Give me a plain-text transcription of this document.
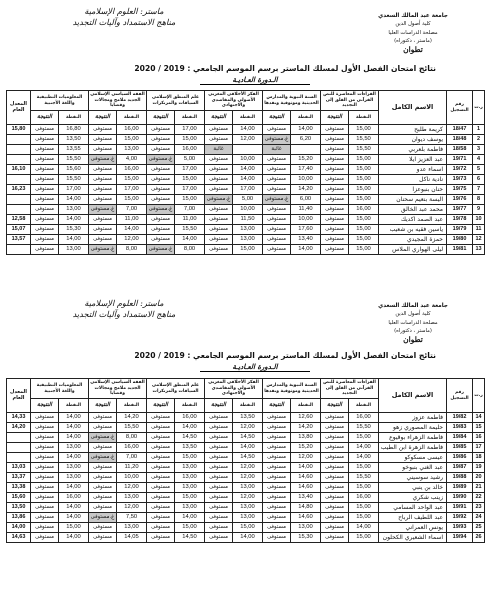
جامعة عبد المالك السعدي
كلية أصول الدين
مصلحة الدراسات العليا
(ماستر ، دكتوراه)
تطوان
ماستر: العلوم الإسلامية
مناهج الاستمداد وآليات التجديد
نتائج امتحان الفصل الأول لمسلك الماستر برسم الموسم الجامعي : 2019 / 2020
الـدورة العـاديـة
ر.ت	رقم التسجيل	الاسم الكامل	القراءات المعاصرة للنص القرآني من القلق إلى التجديد		السنة النبوية والمدارس الحديثية وموثوقية ونقدها		الفكر الأخلاقي المغربي الأصولي والمقاصدي والاجتهادي		علم المنطق الإسلامي السياقات والمرتكزات		الفقه السياسي الإسلامي الجديد ملامح ومجالات وقضايا		المعلوميات التطبيقية واللغة الأجنبية		المعدل العام	
			النقطة	النتيجة	النقطة	النتيجة	النقطة	النتيجة	النقطة	النتيجة	النقطة	النتيجة	النقطة	النتيجة		
1	18/47	كريمة طليح	15,00	مستوفى	14,00	مستوفى	14,00	مستوفى	17,00	مستوفى	16,00	مستوفى	16,80	مستوفى	15,80	
2	18/48	يوسف ديوان	15,50	مستوفى	6,20	غ.مستوفى	12,00	مستوفى	15,00	مستوفى	15,00	مستوفى	13,50	مستوفى		
3	18/58	فاطمة بلعربي	15,50	مستوفى		غائبة		غائبة	16,00	مستوفى	13,00	مستوفى	13,55	مستوفى		
4	19/71	عبد العزيز ايلا	15,00	مستوفى	15,20	مستوفى	10,00	مستوفى	5,00	غ.مستوفى	4,00	غ.مستوفى	15,50	مستوفى		
5	19/72	اسماء عدو	15,00	مستوفى	17,40	مستوفى	14,00	مستوفى	17,00	مستوفى	16,00	مستوفى	15,60	مستوفى	16,10	
6	19/73	نادية ناكل	15,00	مستوفى	10,00	مستوفى	14,00	مستوفى	15,00	مستوفى	15,00	مستوفى	15,50	مستوفى		
7	19/75	حنان بنبوعزا	15,00	مستوفى	14,20	مستوفى	17,00	مستوفى	17,00	مستوفى	17,00	مستوفى	17,00	مستوفى	16,23	
8	19/76	اليسة بنعيم سحنان	15,00	مستوفى	6,00	غ.مستوفى	5,00	غ.مستوفى	15,00	مستوفى	15,00	مستوفى	14,00	مستوفى		
9	19/77	محمد عبد الخالق	16,00	مستوفى	11,40	مستوفى	10,00	مستوفى	7,00	غ.مستوفى	7,00	غ.مستوفى	13,00	مستوفى		
10	19/78	عبد الصمد اكديك	15,00	مستوفى	10,00	مستوفى	11,50	مستوفى	11,00	مستوفى	11,00	مستوفى	14,00	مستوفى	12,58	
11	19/79	ياسين فقيه بن شعيب	15,00	مستوفى	17,60	مستوفى	13,00	مستوفى	15,50	مستوفى	14,00	مستوفى	15,30	مستوفى	15,07	
12	19/80	حمزة المجيدي	15,00	مستوفى	13,40	مستوفى	13,00	مستوفى	14,00	مستوفى	12,00	مستوفى	14,00	مستوفى	13,57	
13	19/81	ليلى الهواري الملاس	15,00	مستوفى	14,00	مستوفى	15,00	مستوفى	8,00	غ.مستوفى	8,00	غ.مستوفى	13,00	مستوفى		
جامعة عبد المالك السعدي
كلية أصول الدين
مصلحة الدراسات العليا
(ماستر ، دكتوراه)
تطوان
ماستر: العلوم الإسلامية
مناهج الاستمداد وآليات التجديد
نتائج امتحان الفصل الأول لمسلك الماستر برسم الموسم الجامعي : 2019 / 2020
الـدورة العـاديـة
ر.ت	رقم التسجيل	الاسم الكامل	القراءات المعاصرة للنص القرآني من القلق إلى التجديد		السنة النبوية والمدارس الحديثية وموثوقية ونقدها		الفكر الأخلاقي المغربي الأصولي والمقاصدي والاجتهادي		علم المنطق الإسلامي السياقات والمرتكزات		الفقه السياسي الإسلامي الجديد ملامح ومجالات وقضايا		المعلوميات التطبيقية واللغة الأجنبية		المعدل العام	
			النقطة	النتيجة	النقطة	النتيجة	النقطة	النتيجة	النقطة	النتيجة	النقطة	النتيجة	النقطة	النتيجة		
14	19/82	فاطمة عزوز	16,00	مستوفى	12,60	مستوفى	13,50	مستوفى	16,00	مستوفى	14,20	مستوفى	14,00	مستوفى	14,33	
15	19/83	حليمة المصوري زهو	15,50	مستوفى	14,20	مستوفى	12,00	مستوفى	14,00	مستوفى	15,50	مستوفى	14,00	مستوفى	14,20	
16	19/84	فاطمة الزهراء بوقيوع	15,00	مستوفى	13,80	مستوفى	14,50	مستوفى	14,50	مستوفى	8,00	غ.مستوفى	14,00	مستوفى		
17	19/85	فاطمة الزهرة ابن الطيب	14,00	مستوفى	15,20	مستوفى	14,00	مستوفى	13,50	مستوفى	16,00	مستوفى	13,00	مستوفى		
18	19/86	عيسى مسكوكو	14,00	مستوفى	12,00	مستوفى	14,50	مستوفى	15,00	مستوفى	7,00	غ.مستوفى	14,00	مستوفى		
19	19/87	عبد الغني بنبوخو	15,00	مستوفى	14,00	مستوفى	12,00	مستوفى	13,00	مستوفى	11,20	مستوفى	13,00	مستوفى	13,03	
20	19/88	رشيد سوسيني	15,50	مستوفى	14,60	مستوفى	12,00	مستوفى	13,00	مستوفى	10,00	مستوفى	13,00	مستوفى	13,37	
21	19/89	خالد بن ينبي	15,00	مستوفى	14,60	مستوفى	13,00	مستوفى	13,00	مستوفى	12,00	مستوفى	14,00	مستوفى	13,38	
22	19/90	زينب شكري	16,00	مستوفى	13,40	مستوفى	12,00	مستوفى	15,00	مستوفى	13,00	مستوفى	16,00	مستوفى	15,60	
23	19/91	عبد الواحد المسامي	15,00	مستوفى	14,80	مستوفى	13,00	مستوفى	13,00	مستوفى	12,00	مستوفى	14,00	مستوفى	13,50	
24	19/92	عبد اللطيف الرباح	15,00	مستوفى	14,60	مستوفى	13,00	مستوفى	14,00	مستوفى	7,50	غ.مستوفى	14,00	مستوفى	13,86	
25	19/93	يونس العمراني	14,00	مستوفى	13,00	مستوفى	15,00	مستوفى	15,00	مستوفى	13,00	مستوفى	15,00	مستوفى	14,00	
26	19/94	اسماء الشعيري الكحلون	15,00	مستوفى	15,30	مستوفى	14,00	مستوفى	14,50	مستوفى	14,05	مستوفى	14,00	مستوفى	14,63	
